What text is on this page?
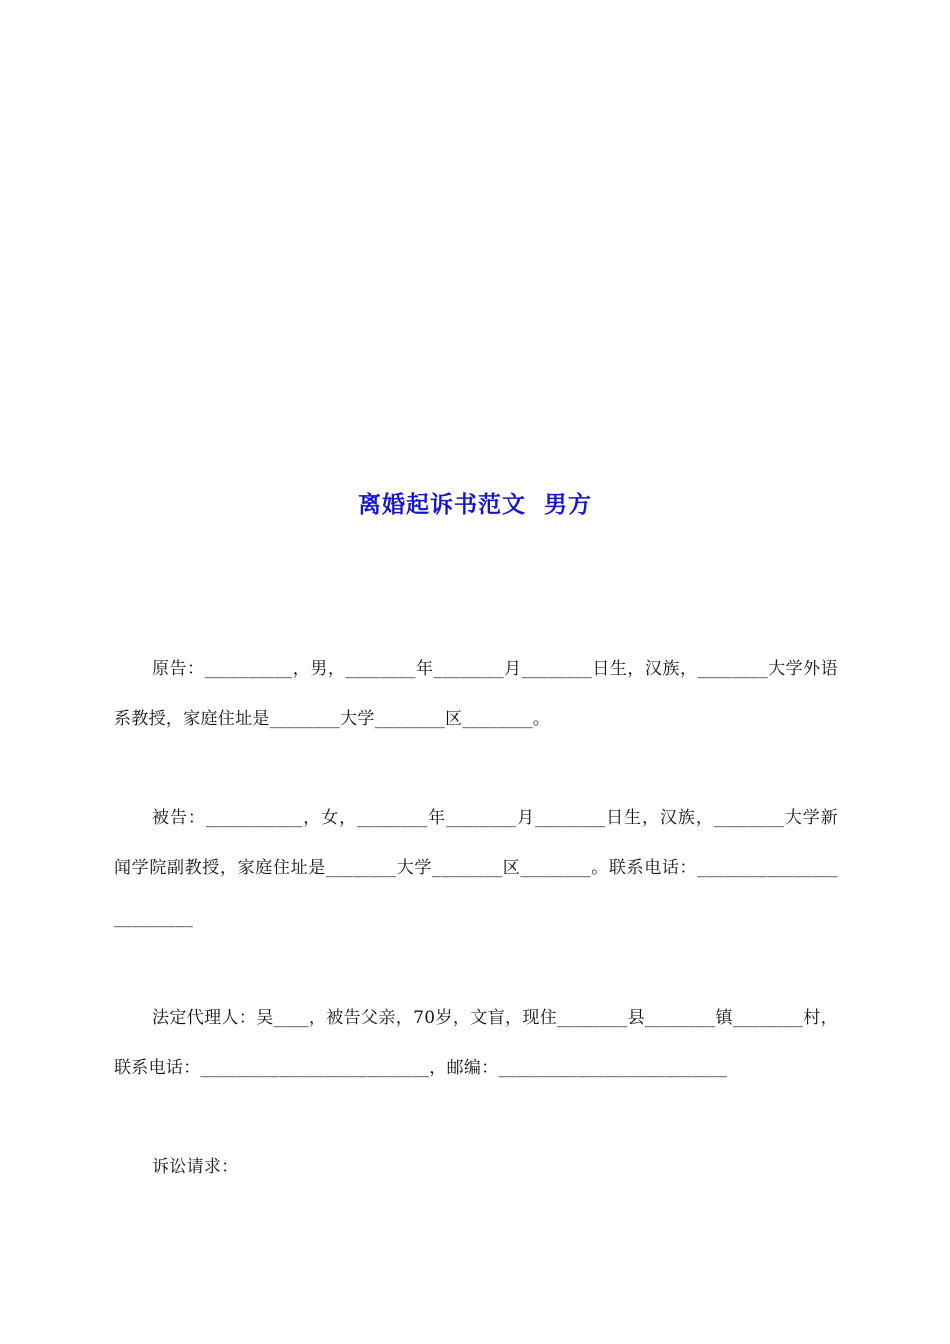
离婚起诉书范文  男方

原告：__________，男，________年________月________日生，汉族，________大学外语系教授，家庭住址是________大学________区________。

被告：___________，女，________年________月________日生，汉族，________大学新闻学院副教授，家庭住址是________大学________区________。联系电话：_________________________

法定代理人：吴____，被告父亲，70岁，文盲，现住________县________镇________村，联系电话：__________________________，邮编：__________________________

诉讼请求：
